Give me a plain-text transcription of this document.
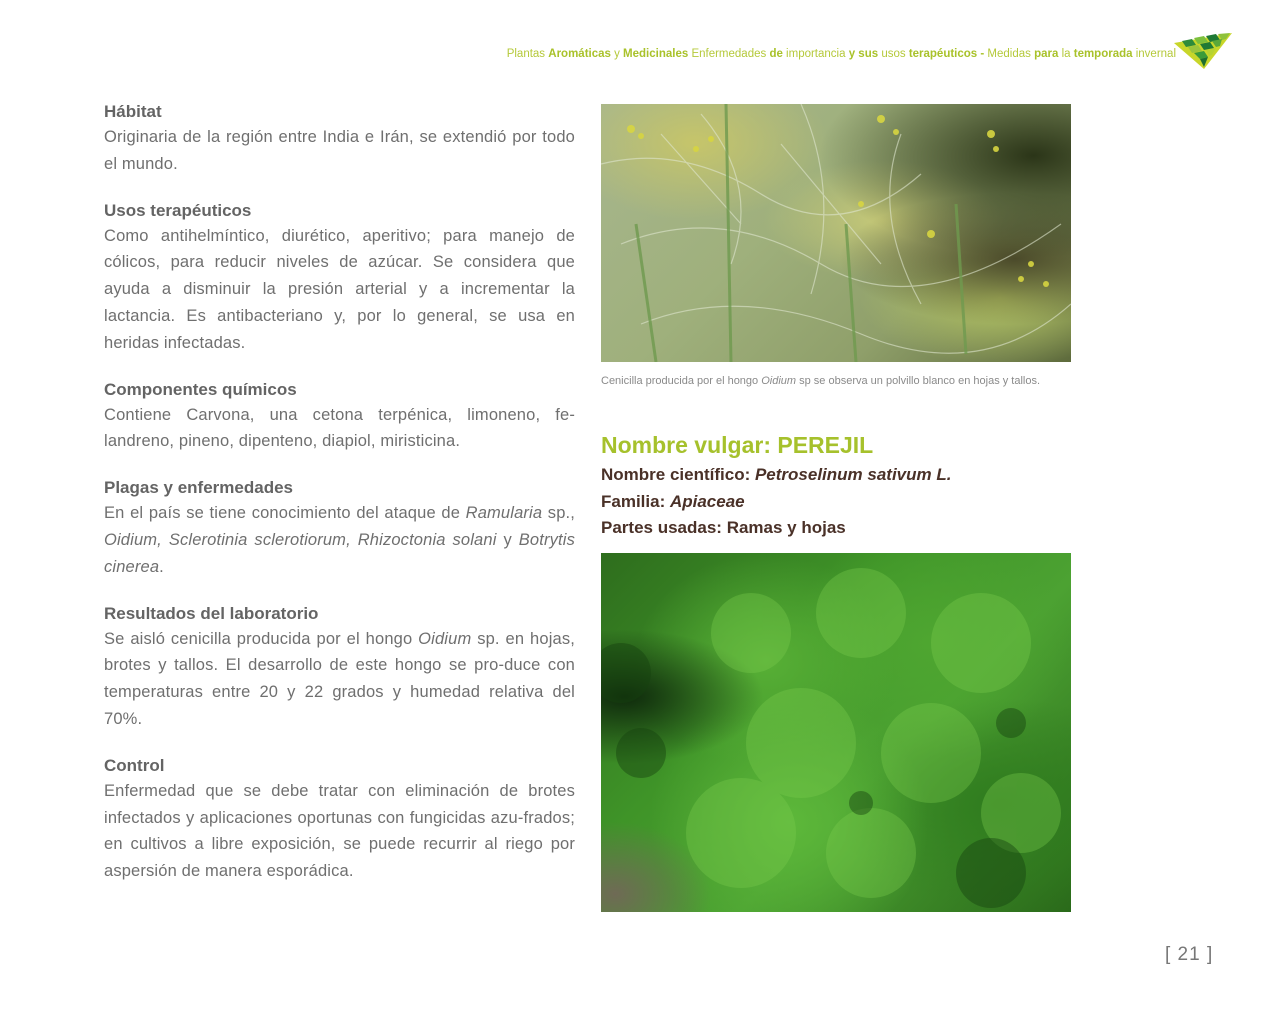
Plantas Aromáticas y Medicinales Enfermedades de importancia y sus usos terapéuticos - Medidas para la temporada invernal
Hábitat

Originaria de la región entre India e Irán, se extendió por todo el mundo.

Usos terapéuticos

Como antihelmíntico, diurético, aperitivo; para manejo de cólicos, para reducir niveles de azúcar. Se considera que ayuda a disminuir la presión arterial y a incrementar la lactancia. Es antibacteriano y, por lo general, se usa en heridas infectadas.

Componentes químicos

Contiene Carvona, una cetona terpénica, limoneno, fe-landreno, pineno, dipenteno, diapiol, miristicina.

Plagas y enfermedades

En el país se tiene conocimiento del ataque de Ramularia sp., Oidium, Sclerotinia sclerotiorum, Rhizoctonia solani y Botrytis cinerea.

Resultados del laboratorio

Se aisló cenicilla producida por el hongo Oidium sp. en hojas, brotes y tallos. El desarrollo de este hongo se pro-duce con temperaturas entre 20 y 22 grados y humedad relativa del 70%.

Control

Enfermedad que se debe tratar con eliminación de brotes infectados y aplicaciones oportunas con fungicidas azu-frados; en cultivos a libre exposición, se puede recurrir al riego por aspersión de manera esporádica.

Cenicilla producida por el hongo Oidium sp se observa un polvillo blanco en hojas y tallos.
Nombre vulgar: PEREJIL
Nombre científico: Petroselinum sativum L.
Familia: Apiaceae
Partes usadas: Ramas y hojas
[ 21 ]
